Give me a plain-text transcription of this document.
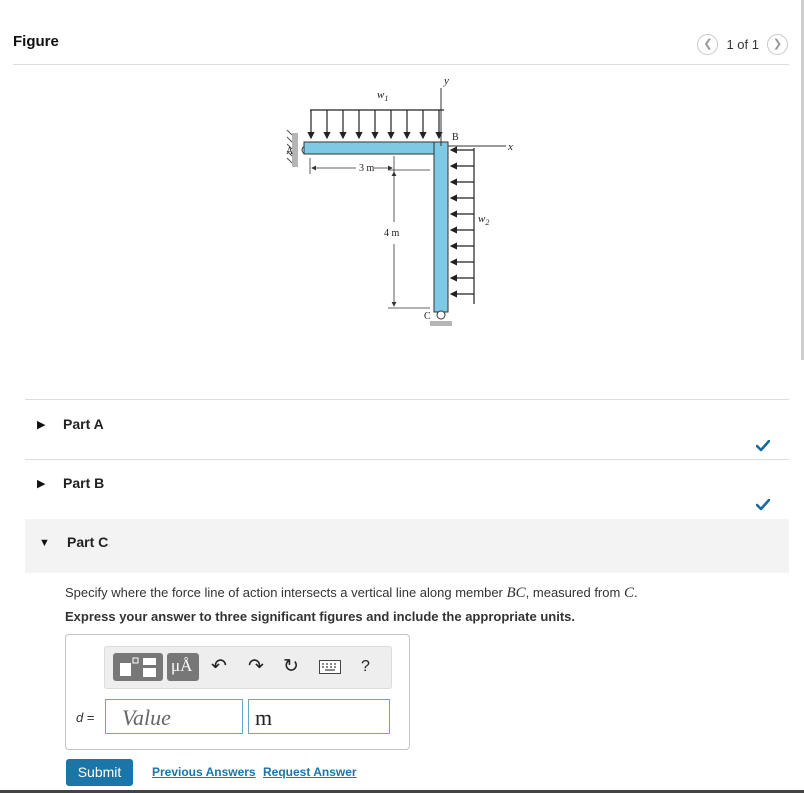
Figure	❮ 1 of 1 ❯
$w_1$
y
x
A
B
C
$w_2$
3 m
4 m
▶ Part A
▶ Part B
▼ Part C
Specify where the force line of action intersects a vertical line along member BC, measured from C.
Express your answer to three significant figures and include the appropriate units.
μÅ ↶ ↷ ↻	?
d =	Value	m
Submit	Previous Answers Request Answer
